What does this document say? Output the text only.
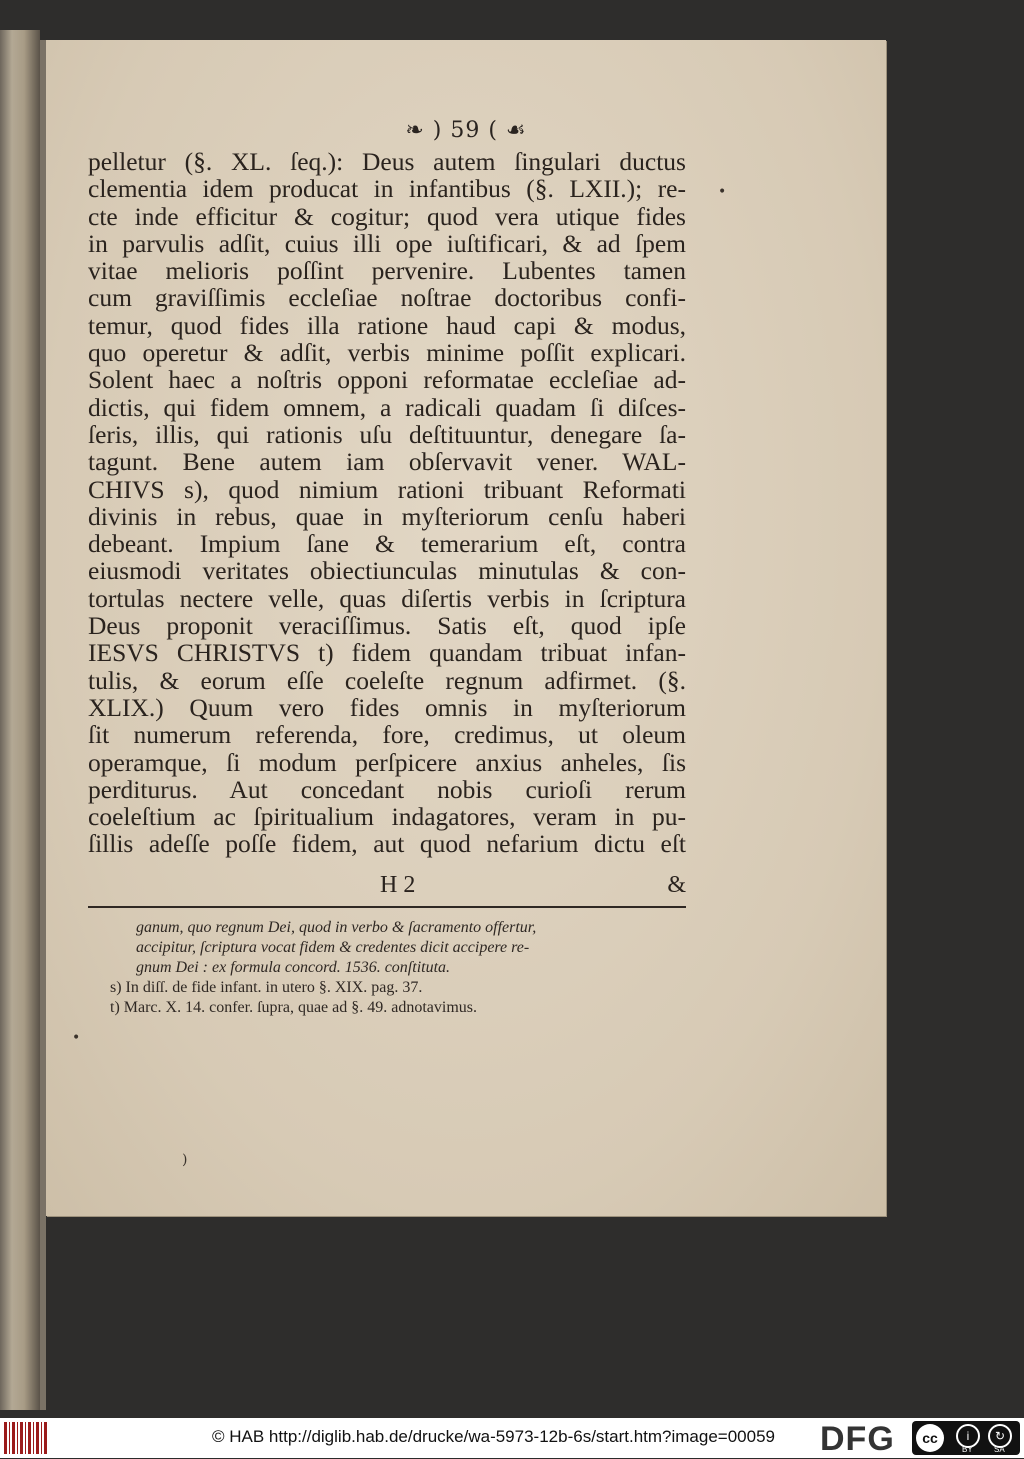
❧ ) 59 ( ☙
pelletur (§. XL. ſeq.): Deus autem ſingulari ductus
clementia idem producat in infantibus (§. LXII.); re-
cte inde efficitur & cogitur; quod vera utique fides
in parvulis adſit, cuius illi ope iuſtificari, & ad ſpem
vitae melioris poſſint pervenire. Lubentes tamen
cum graviſſimis eccleſiae noſtrae doctoribus confi-
temur, quod fides illa ratione haud capi & modus,
quo operetur & adſit, verbis minime poſſit explicari.
Solent haec a noſtris opponi reformatae eccleſiae ad-
dictis, qui fidem omnem, a radicali quadam ſi diſces-
ſeris, illis, qui rationis uſu deſtituuntur, denegare ſa-
tagunt. Bene autem iam obſervavit vener. WAL-
CHIVS s), quod nimium rationi tribuant Reformati
divinis in rebus, quae in myſteriorum cenſu haberi
debeant. Impium ſane & temerarium eſt, contra
eiusmodi veritates obiectiunculas minutulas & con-
tortulas nectere velle, quas diſertis verbis in ſcriptura
Deus proponit veraciſſimus. Satis eſt, quod ipſe
IESVS CHRISTVS t) fidem quandam tribuat infan-
tulis, & eorum eſſe coeleſte regnum adfirmet. (§.
XLIX.) Quum vero fides omnis in myſteriorum
ſit numerum referenda, fore, credimus, ut oleum
operamque, ſi modum perſpicere anxius anheles, ſis
perditurus. Aut concedant nobis curioſi rerum
coeleſtium ac ſpiritualium indagatores, veram in pu-
ſillis adeſſe poſſe fidem, aut quod nefarium dictu eſt
H 2	&
ganum, quo regnum Dei, quod in verbo & ſacramento offertur,
accipitur, ſcriptura vocat fidem & credentes dicit accipere re-
gnum Dei : ex formula concord. 1536. conſtituta.
s) In diſſ. de fide infant. in utero §. XIX. pag. 37.
t) Marc. X. 14. confer. ſupra, quae ad §. 49. adnotavimus.
•
•
)
© HAB http://diglib.hab.de/drucke/wa-5973-12b-6s/start.htm?image=00059 DFG	cc	i	↻
BY	SA
